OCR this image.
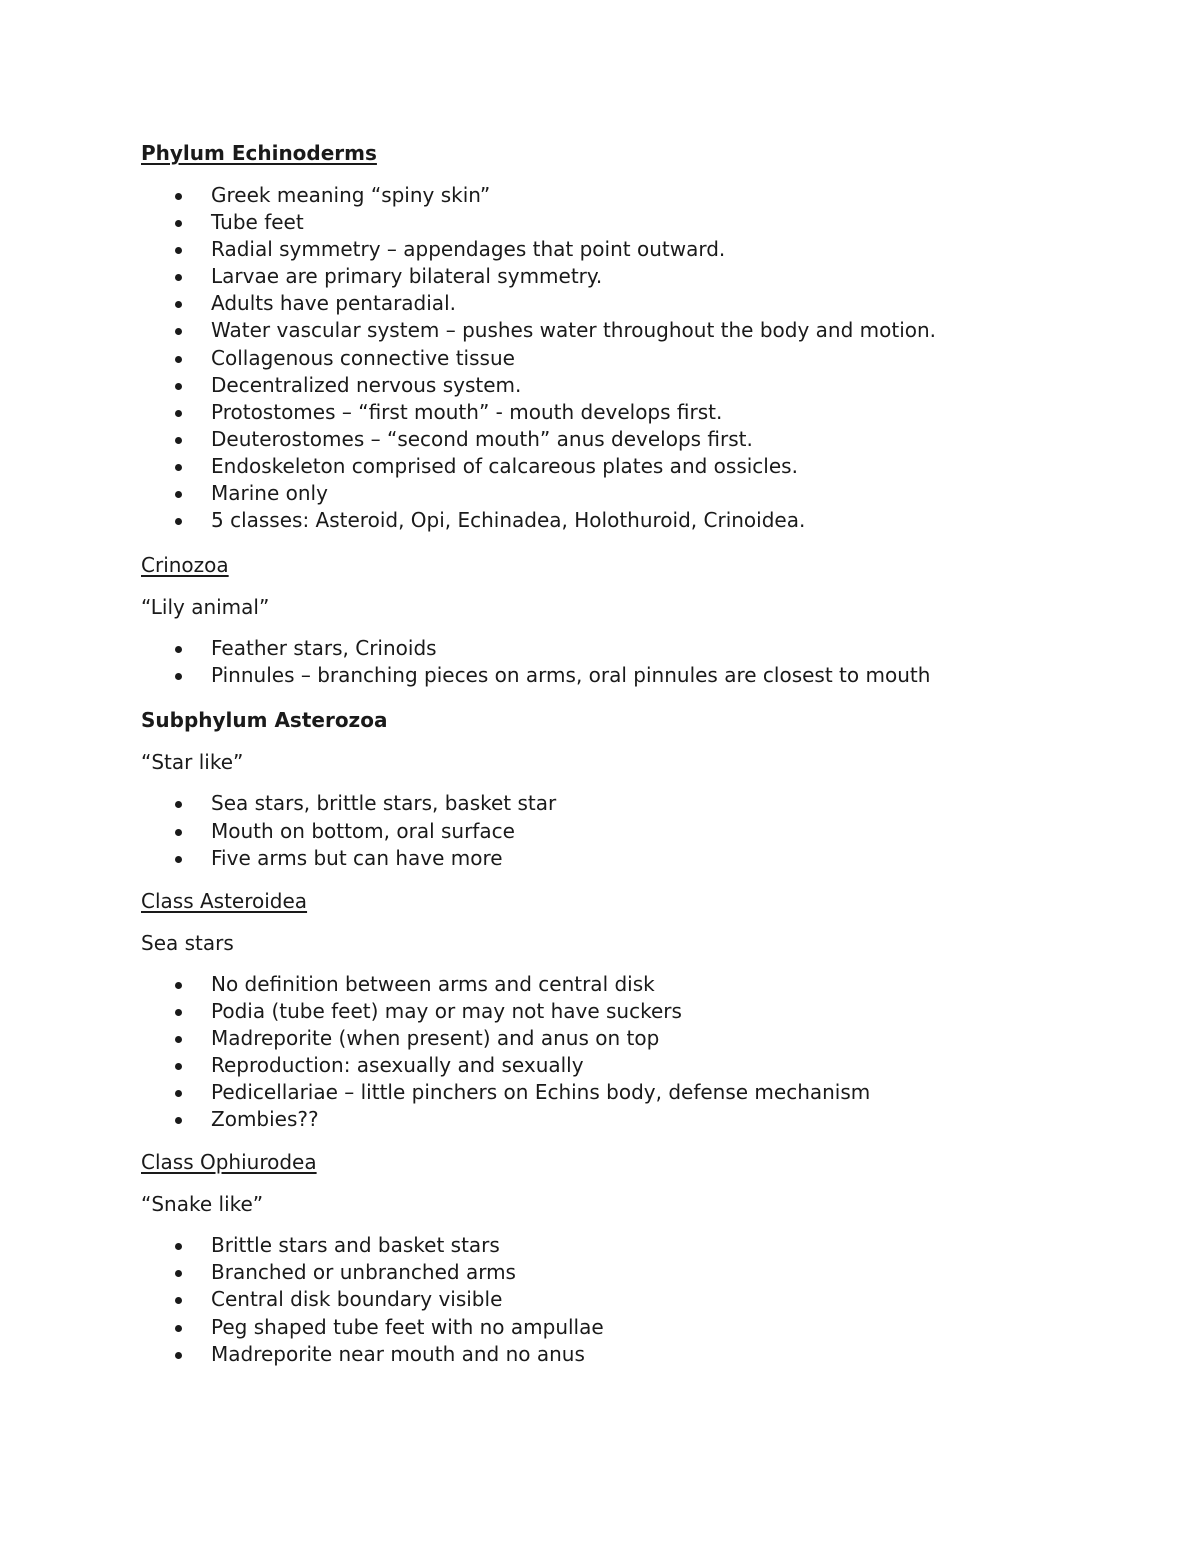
Phylum Echinoderms
Greek meaning “spiny skin”
Tube feet
Radial symmetry – appendages that point outward.
Larvae are primary bilateral symmetry.
Adults have pentaradial.
Water vascular system – pushes water throughout the body and motion.
Collagenous connective tissue
Decentralized nervous system.
Protostomes – “first mouth” - mouth develops first.
Deuterostomes – “second mouth” anus develops first.
Endoskeleton comprised of calcareous plates and ossicles.
Marine only
5 classes: Asteroid, Opi, Echinadea, Holothuroid, Crinoidea.
Crinozoa

“Lily animal”

Feather stars, Crinoids
Pinnules – branching pieces on arms, oral pinnules are closest to mouth
Subphylum Asterozoa

“Star like”

Sea stars, brittle stars, basket star
Mouth on bottom, oral surface
Five arms but can have more
Class Asteroidea

Sea stars

No definition between arms and central disk
Podia (tube feet) may or may not have suckers
Madreporite (when present) and anus on top
Reproduction: asexually and sexually
Pedicellariae – little pinchers on Echins body, defense mechanism
Zombies??
Class Ophiurodea

“Snake like”

Brittle stars and basket stars
Branched or unbranched arms
Central disk boundary visible
Peg shaped tube feet with no ampullae
Madreporite near mouth and no anus
